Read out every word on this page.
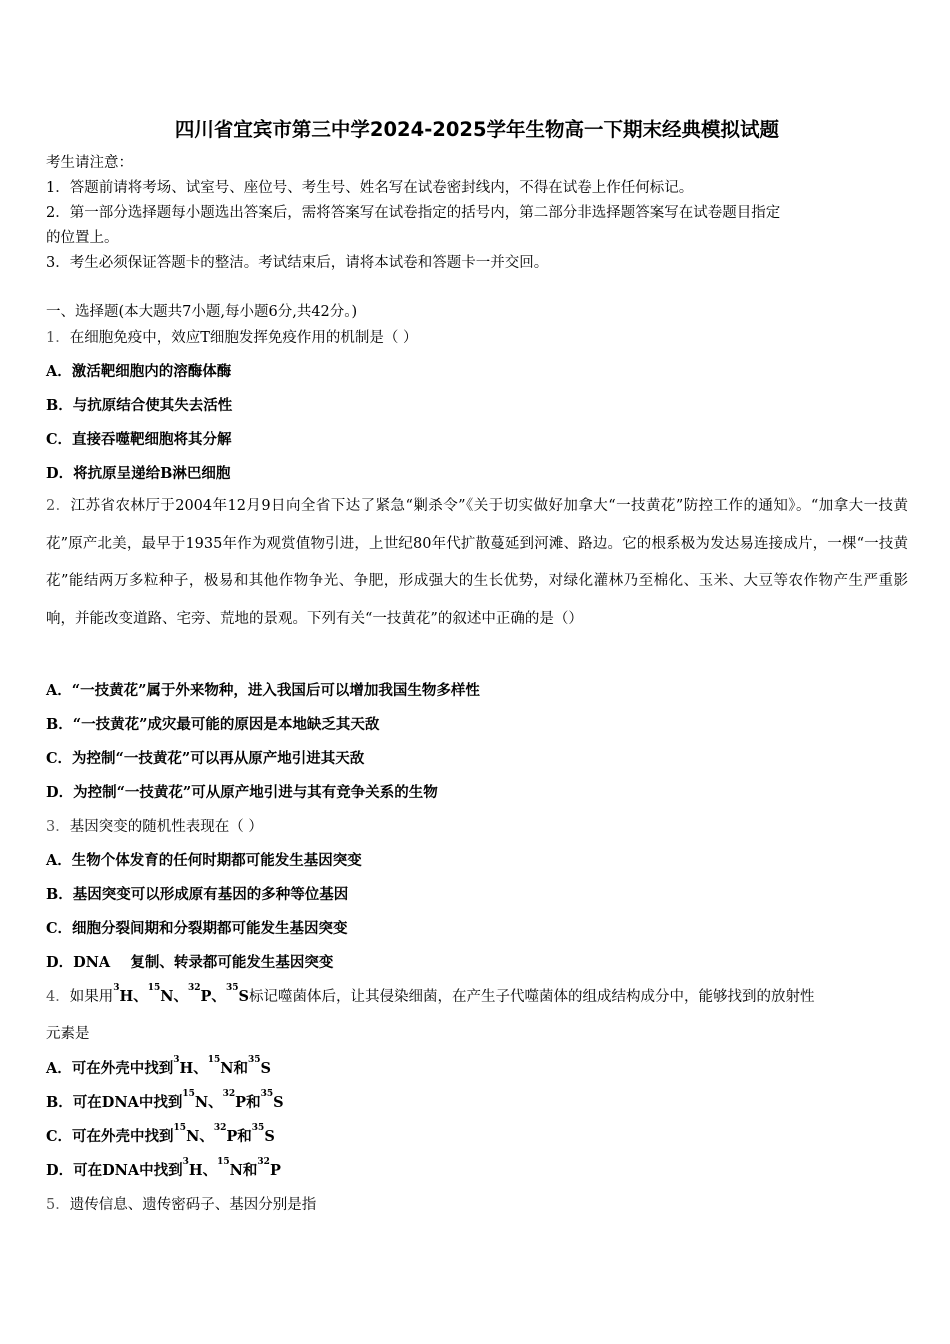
四川省宜宾市第三中学2024-2025学年生物高一下期末经典模拟试题
考生请注意：
1．答题前请将考场、试室号、座位号、考生号、姓名写在试卷密封线内，不得在试卷上作任何标记。
2．第一部分选择题每小题选出答案后，需将答案写在试卷指定的括号内，第二部分非选择题答案写在试卷题目指定
的位置上。
3．考生必须保证答题卡的整洁。考试结束后，请将本试卷和答题卡一并交回。
一、选择题(本大题共7小题,每小题6分,共42分。)
1．在细胞免疫中，效应T细胞发挥免疫作用的机制是（ ）
A．激活靶细胞内的溶酶体酶
B．与抗原结合使其失去活性
C．直接吞噬靶细胞将其分解
D．将抗原呈递给B淋巴细胞
2．江苏省农林厅于2004年12月9日向全省下达了紧急“剿杀令”《关于切实做好加拿大“一技黄花”防控工作的通知》。“加拿大一技黄花”原产北美，最早于1935年作为观赏值物引进，上世纪80年代扩散蔓延到河滩、路边。它的根系极为发达易连接成片，一棵“一技黄花”能结两万多粒种子，极易和其他作物争光、争肥，形成强大的生长优势，对绿化灌林乃至棉化、玉米、大豆等农作物产生严重影响，并能改变道路、宅旁、荒地的景观。下列有关“一技黄花”的叙述中正确的是（）
A．“一技黄花”属于外来物种，进入我国后可以增加我国生物多样性
B．“一技黄花”成灾最可能的原因是本地缺乏其天敌
C．为控制“一技黄花”可以再从原产地引进其天敌
D．为控制“一技黄花”可从原产地引进与其有竞争关系的生物
3．基因突变的随机性表现在（ ）
A．生物个体发育的任何时期都可能发生基因突变
B．基因突变可以形成原有基因的多种等位基因
C．细胞分裂间期和分裂期都可能发生基因突变
D．DNA    复制、转录都可能发生基因突变
4．如果用$^3$H、$^{15}$N、$^{32}$P、$^{35}$S标记噬菌体后，让其侵染细菌，在产生子代噬菌体的组成结构成分中，能够找到的放射性
元素是
A．可在外壳中找到$^3$H、$^{15}$N和$^{35}$S
B．可在DNA中找到$^{15}$N、$^{32}$P和$^{35}$S
C．可在外壳中找到$^{15}$N、$^{32}$P和$^{35}$S
D．可在DNA中找到$^3$H、$^{15}$N和$^{32}$P
5．遗传信息、遗传密码子、基因分别是指
